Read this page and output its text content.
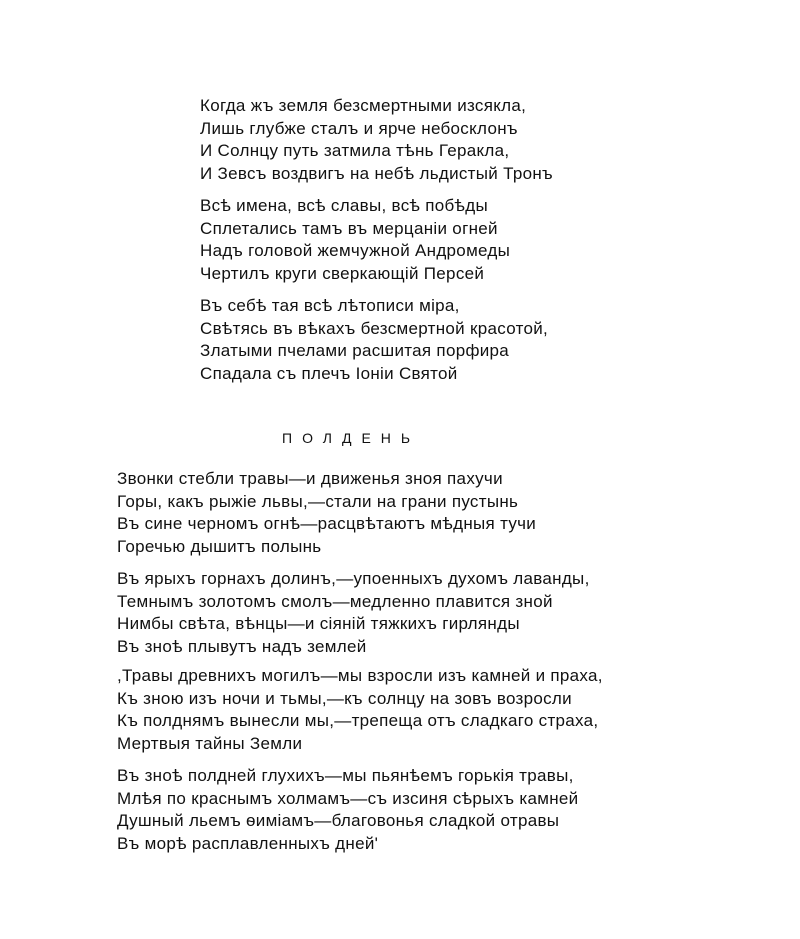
Когда жъ земля безсмертными изсякла,
Лишь глубже сталъ и ярче небосклонъ
И Солнцу путь затмила тѣнь Геракла,
И Зевсъ воздвигъ на небѣ льдистый Тронъ
Всѣ имена, всѣ славы, всѣ побѣды
Сплетались тамъ въ мерцаніи огней
Надъ головой жемчужной Андромеды
Чертилъ круги сверкающій Персей
Въ себѣ тая всѣ лѣтописи міра,
Свѣтясь въ вѣкахъ безсмертной красотой,
Златыми пчелами расшитая порфира
Спадала съ плечъ Іоніи Святой
ПОЛДЕНЬ
Звонки стебли травы—и движенья зноя пахучи
Горы, какъ рыжіе львы,—стали на грани пустынь
Въ сине черномъ огнѣ—расцвѣтаютъ мѣдныя тучи
Горечью дышитъ полынь
Въ ярыхъ горнахъ долинъ,—упоенныхъ духомъ лаванды,
Темнымъ золотомъ смолъ—медленно плавится зной
Нимбы свѣта, вѣнцы—и сіяній тяжкихъ гирлянды
Въ знoѣ плывутъ надъ землей
,Травы древнихъ могилъ—мы взросли изъ камней и праха,
Къ зною изъ ночи и тьмы,—къ солнцу на зовъ возросли
Къ полднямъ вынесли мы,—трепеща отъ сладкаго страха,
Мертвыя тайны Земли
Въ знoѣ полдней глухихъ—мы пьянѣемъ горькія травы,
Млѣя по краснымъ холмамъ—съ изсиня сѣрыхъ камней
Душный льемъ ѳиміамъ—благовонья сладкой отравы
Въ морѣ расплавленныхъ дней'
